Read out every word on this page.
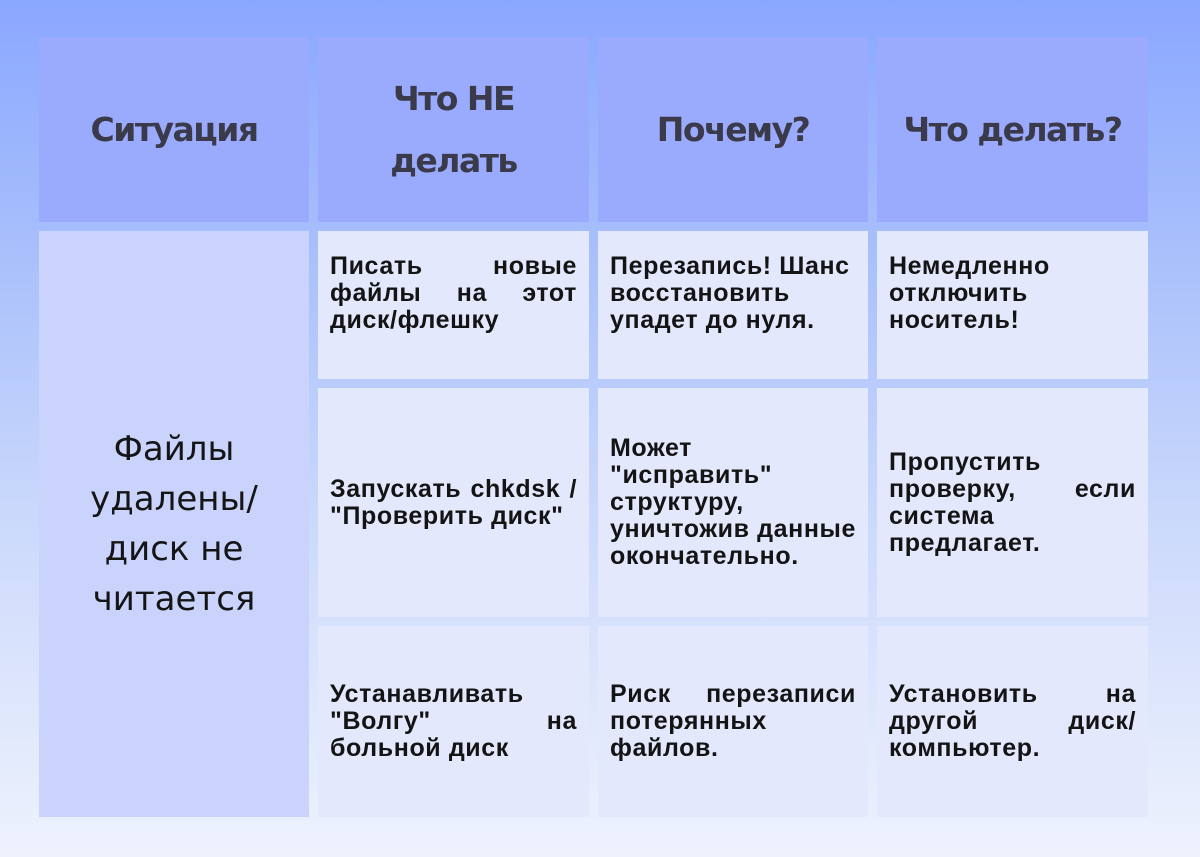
Ситуация
Что НЕ делать
Почему?	Что делать?
Файлы удалены/ диск не читается
Писать новые файлы на этот диск/флешку
Перезапись! Шанс восстановить упадет до нуля.
Немедленно отключить носитель!
Запускать chkdsk / "Проверить диск"
Может "исправить" структуру, уничтожив данные окончательно.
Пропустить проверку, если система предлагает.
Устанавливать "Волгу" на больной диск
Риск перезаписи потерянных файлов.
Установить на другой диск/ компьютер.
